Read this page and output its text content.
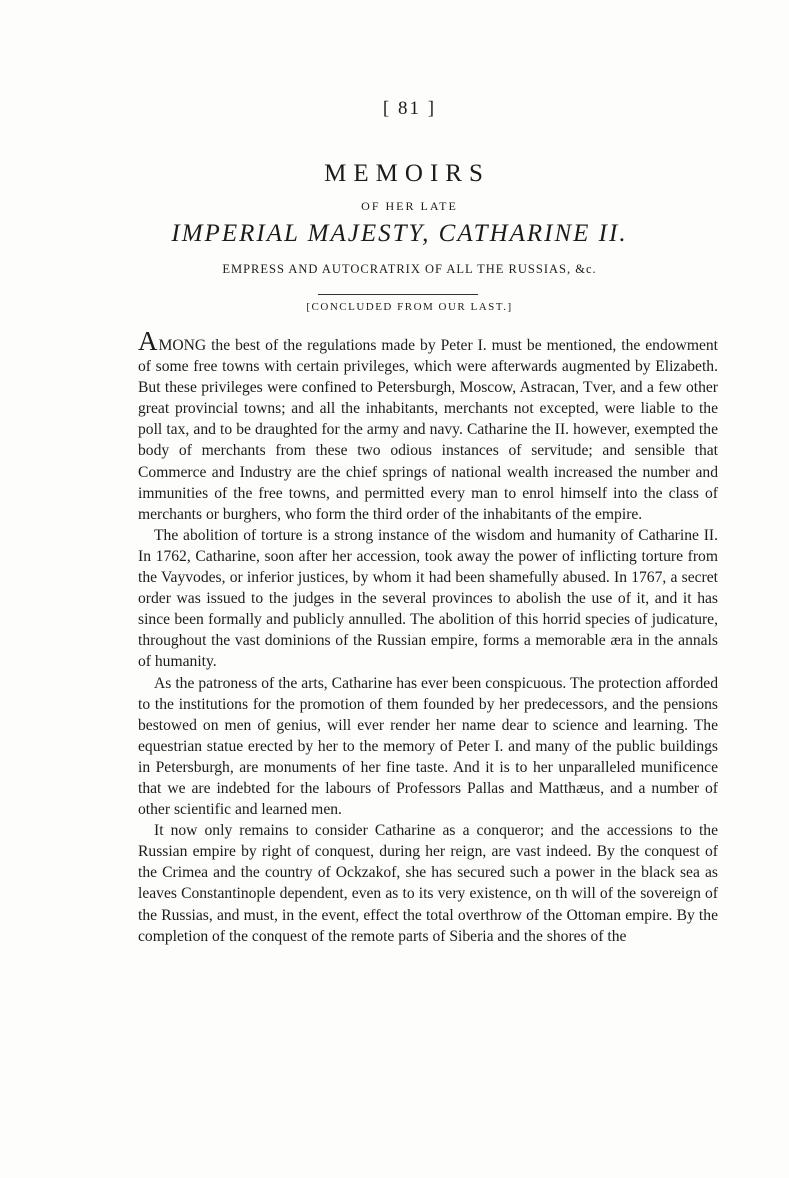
[ 81 ]
MEMOIRS
OF HER LATE
IMPERIAL MAJESTY, CATHARINE II.
EMPRESS AND AUTOCRATRIX OF ALL THE RUSSIAS, &c.
[CONCLUDED FROM OUR LAST.]

AMONG the best of the regulations made by Peter I. must be mentioned, the endowment of some free towns with certain privileges, which were afterwards augmented by Elizabeth. But these privileges were confined to Petersburgh, Moscow, Astracan, Tver, and a few other great provincial towns; and all the inhabitants, merchants not excepted, were liable to the poll tax, and to be draughted for the army and navy. Catharine the II. however, exempted the body of merchants from these two odious instances of servitude; and sensible that Commerce and Industry are the chief springs of national wealth increased the number and immunities of the free towns, and permitted every man to enrol himself into the class of merchants or burghers, who form the third order of the inhabitants of the empire.

The abolition of torture is a strong instance of the wisdom and humanity of Catharine II. In 1762, Catharine, soon after her accession, took away the power of inflicting torture from the Vayvodes, or inferior justices, by whom it had been shamefully abused. In 1767, a secret order was issued to the judges in the several provinces to abolish the use of it, and it has since been formally and publicly annulled. The abolition of this horrid species of judicature, throughout the vast dominions of the Russian empire, forms a memorable æra in the annals of humanity.

As the patroness of the arts, Catharine has ever been conspicuous. The protection afforded to the institutions for the promotion of them founded by her predecessors, and the pensions bestowed on men of genius, will ever render her name dear to science and learning. The equestrian statue erected by her to the memory of Peter I. and many of the public buildings in Petersburgh, are monuments of her fine taste. And it is to her unparalleled munificence that we are indebted for the labours of Professors Pallas and Matthæus, and a number of other scientific and learned men.

It now only remains to consider Catharine as a conqueror; and the accessions to the Russian empire by right of conquest, during her reign, are vast indeed. By the conquest of the Crimea and the country of Ockzakof, she has secured such a power in the black sea as leaves Constantinople dependent, even as to its very existence, on th will of the sovereign of the Russias, and must, in the event, effect the total overthrow of the Ottoman empire. By the completion of the conquest of the remote parts of Siberia and the shores of the
